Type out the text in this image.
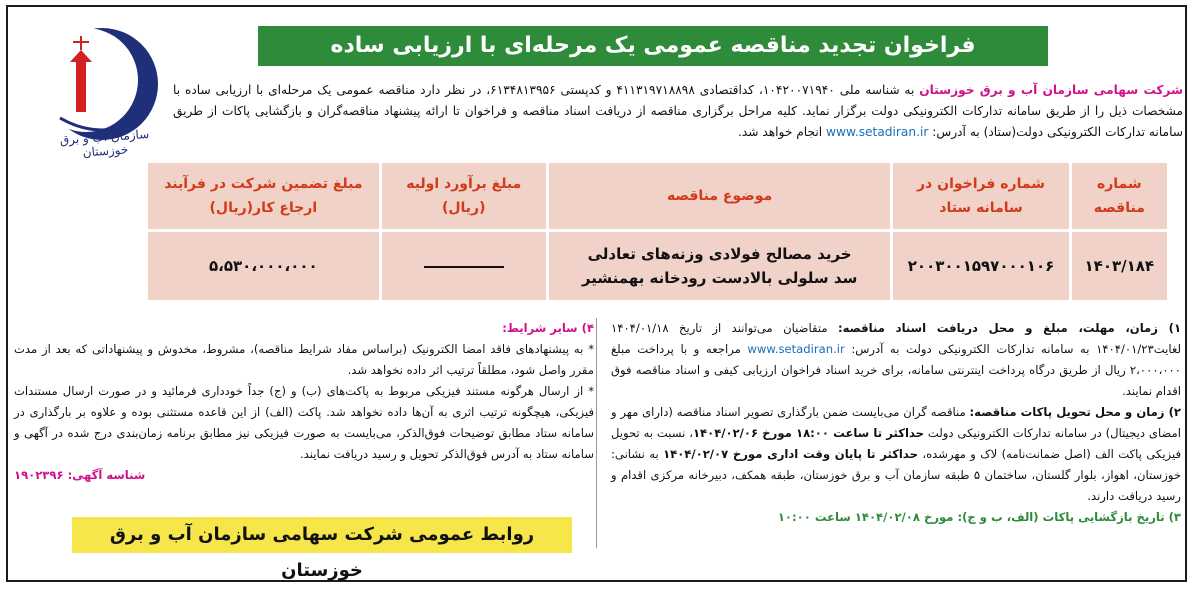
سازمان آب و برق خوزستان
فراخوان تجدید مناقصه عمومی یک مرحله‌ای با ارزیابی ساده
شرکت سهامی سازمان آب و برق خوزستان به شناسه ملی ۱۰۴۲۰۰۷۱۹۴۰، کداقتصادی ۴۱۱۳۱۹۷۱۸۸۹۸ و کدپستی ۶۱۳۴۸۱۳۹۵۶، در نظر دارد مناقصه عمومی یک مرحله‌ای با ارزیابی ساده با مشخصات ذیل را از طریق سامانه تدارکات الکترونیکی دولت برگزار نماید. کلیه مراحل برگزاری مناقصه از دریافت اسناد مناقصه و فراخوان تا ارائه پیشنهاد مناقصه‌گران و بازگشایی پاکات از طریق سامانه تدارکات الکترونیکی دولت(ستاد) به آدرس: www.setadiran.ir انجام خواهد شد.
شماره مناقصه	شماره فراخوان در سامانه ستاد	موضوع مناقصه	مبلغ برآورد اولیه (ریال)	مبلغ تضمین شرکت در فرآیند ارجاع کار(ریال)
۱۴۰۳/۱۸۴	۲۰۰۳۰۰۱۵۹۷۰۰۰۱۰۶	خرید مصالح فولادی وزنه‌های تعادلی
سد سلولی بالادست رودخانه بهمنشیر		۵،۵۳۰،۰۰۰،۰۰۰
۱) زمان، مهلت، مبلغ و محل دریافت اسناد مناقصه: متقاضیان می‌توانند از تاریخ ۱۴۰۴/۰۱/۱۸ لغایت۱۴۰۴/۰۱/۲۳ به سامانه تدارکات الکترونیکی دولت به آدرس: www.setadiran.ir مراجعه و با پرداخت مبلغ ۲،۰۰۰،۰۰۰ ریال از طریق درگاه پرداخت اینترنتی سامانه، برای خرید اسناد فراخوان ارزیابی کیفی و اسناد مناقصه فوق اقدام نمایند.
۲) زمان و محل تحویل پاکات مناقصه: مناقصه گران می‌بایست ضمن بارگذاری تصویر اسناد مناقصه (دارای مهر و امضای دیجیتال) در سامانه تدارکات الکترونیکی دولت حداکثر تا ساعت ۱۸:۰۰ مورخ ۱۴۰۴/۰۲/۰۶، نسبت به تحویل فیزیکی پاکت الف (اصل ضمانت‌نامه) لاک و مهرشده، حداکثر تا پایان وقت اداری مورخ ۱۴۰۴/۰۲/۰۷ به نشانی: خوزستان، اهواز، بلوار گلستان، ساختمان ۵ طبقه سازمان آب و برق خوزستان، طبقه همکف، دبیرخانه مرکزی اقدام و رسید دریافت دارند.
۳) تاریخ بازگشایی پاکات (الف، ب و ج): مورخ ۱۴۰۴/۰۲/۰۸ ساعت ۱۰:۰۰
۴) سایر شرایط:
* به پیشنهادهای فاقد امضا الکترونیک (براساس مفاد شرایط مناقصه)، مشروط، مخدوش و پیشنهاداتی که بعد از مدت مقرر واصل شود، مطلقاً ترتیب اثر داده نخواهد شد.
* از ارسال هرگونه مستند فیزیکی مربوط به پاکت‌های (ب) و (ج) جداً خودداری فرمائید و در صورت ارسال مستندات فیزیکی، هیچگونه ترتیب اثری به آن‌ها داده نخواهد شد. پاکت (الف) از این قاعده مستثنی بوده و علاوه بر بارگذاری در سامانه ستاد مطابق توضیحات فوق‌الذکر، می‌بایست به صورت فیزیکی نیز مطابق برنامه زمان‌بندی درج شده در آگهی و سامانه ستاد به آدرس فوق‌الذکر تحویل و رسید دریافت نمایند.
شناسه آگهی: ۱۹۰۲۳۹۶
روابط عمومی شرکت سهامی سازمان آب و برق خوزستان
